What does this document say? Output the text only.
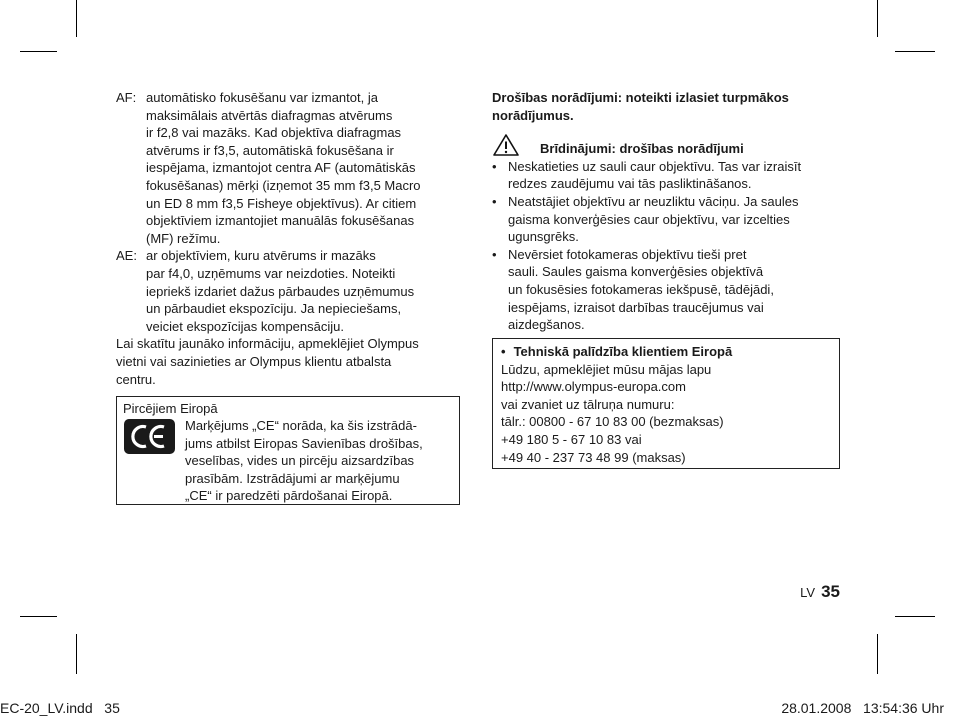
AF: automātisko fokusēšanu var izmantot, ja
maksimālais atvērtās diafragmas atvērums
ir f2,8 vai mazāks. Kad objektīva diafragmas
atvērums ir f3,5, automātiskā fokusēšana ir
iespējama, izmantojot centra AF (automātiskās
fokusēšanas) mērķi (izņemot 35 mm f3,5 Macro
un ED 8 mm f3,5 Fisheye objektīvus). Ar citiem
objektīviem izmantojiet manuālās fokusēšanas
(MF) režīmu.
AE: ar objektīviem, kuru atvērums ir mazāks
par f4,0, uzņēmums var neizdoties. Noteikti
iepriekš izdariet dažus pārbaudes uzņēmumus
un pārbaudiet ekspozīciju. Ja nepieciešams,
veiciet ekspozīcijas kompensāciju.
Lai skatītu jaunāko informāciju, apmeklējiet Olympus
vietni vai sazinieties ar Olympus klientu atbalsta
centru.
Pircējiem Eiropā
Marķējums „CE“ norāda, ka šis izstrādā-
jums atbilst Eiropas Savienības drošības,
veselības, vides un pircēju aizsardzības
prasībām. Izstrādājumi ar marķējumu
„CE“ ir paredzēti pārdošanai Eiropā.
Drošības norādījumi: noteikti izlasiet turpmākos
norādījumus.
Brīdinājumi: drošības norādījumi
• Neskatieties uz sauli caur objektīvu. Tas var izraisīt
redzes zaudējumu vai tās pasliktināšanos.
• Neatstājiet objektīvu ar neuzliktu vāciņu. Ja saules
gaisma konverģēsies caur objektīvu, var izcelties
ugunsgrēks.
• Nevērsiet fotokameras objektīvu tieši pret
sauli. Saules gaisma konverģēsies objektīvā
un fokusēsies fotokameras iekšpusē, tādējādi,
iespējams, izraisot darbības traucējumus vai
aizdegšanos.
• Tehniskā palīdzība klientiem Eiropā
Lūdzu, apmeklējiet mūsu mājas lapu
http://www.olympus-europa.com
vai zvaniet uz tālruņa numuru:
tālr.: 00800 - 67 10 83 00 (bezmaksas)
+49 180 5 - 67 10 83 vai
+49 40 - 237 73 48 99 (maksas)
LV 35
EC-20_LV.indd   35	28.01.2008   13:54:36 Uhr
